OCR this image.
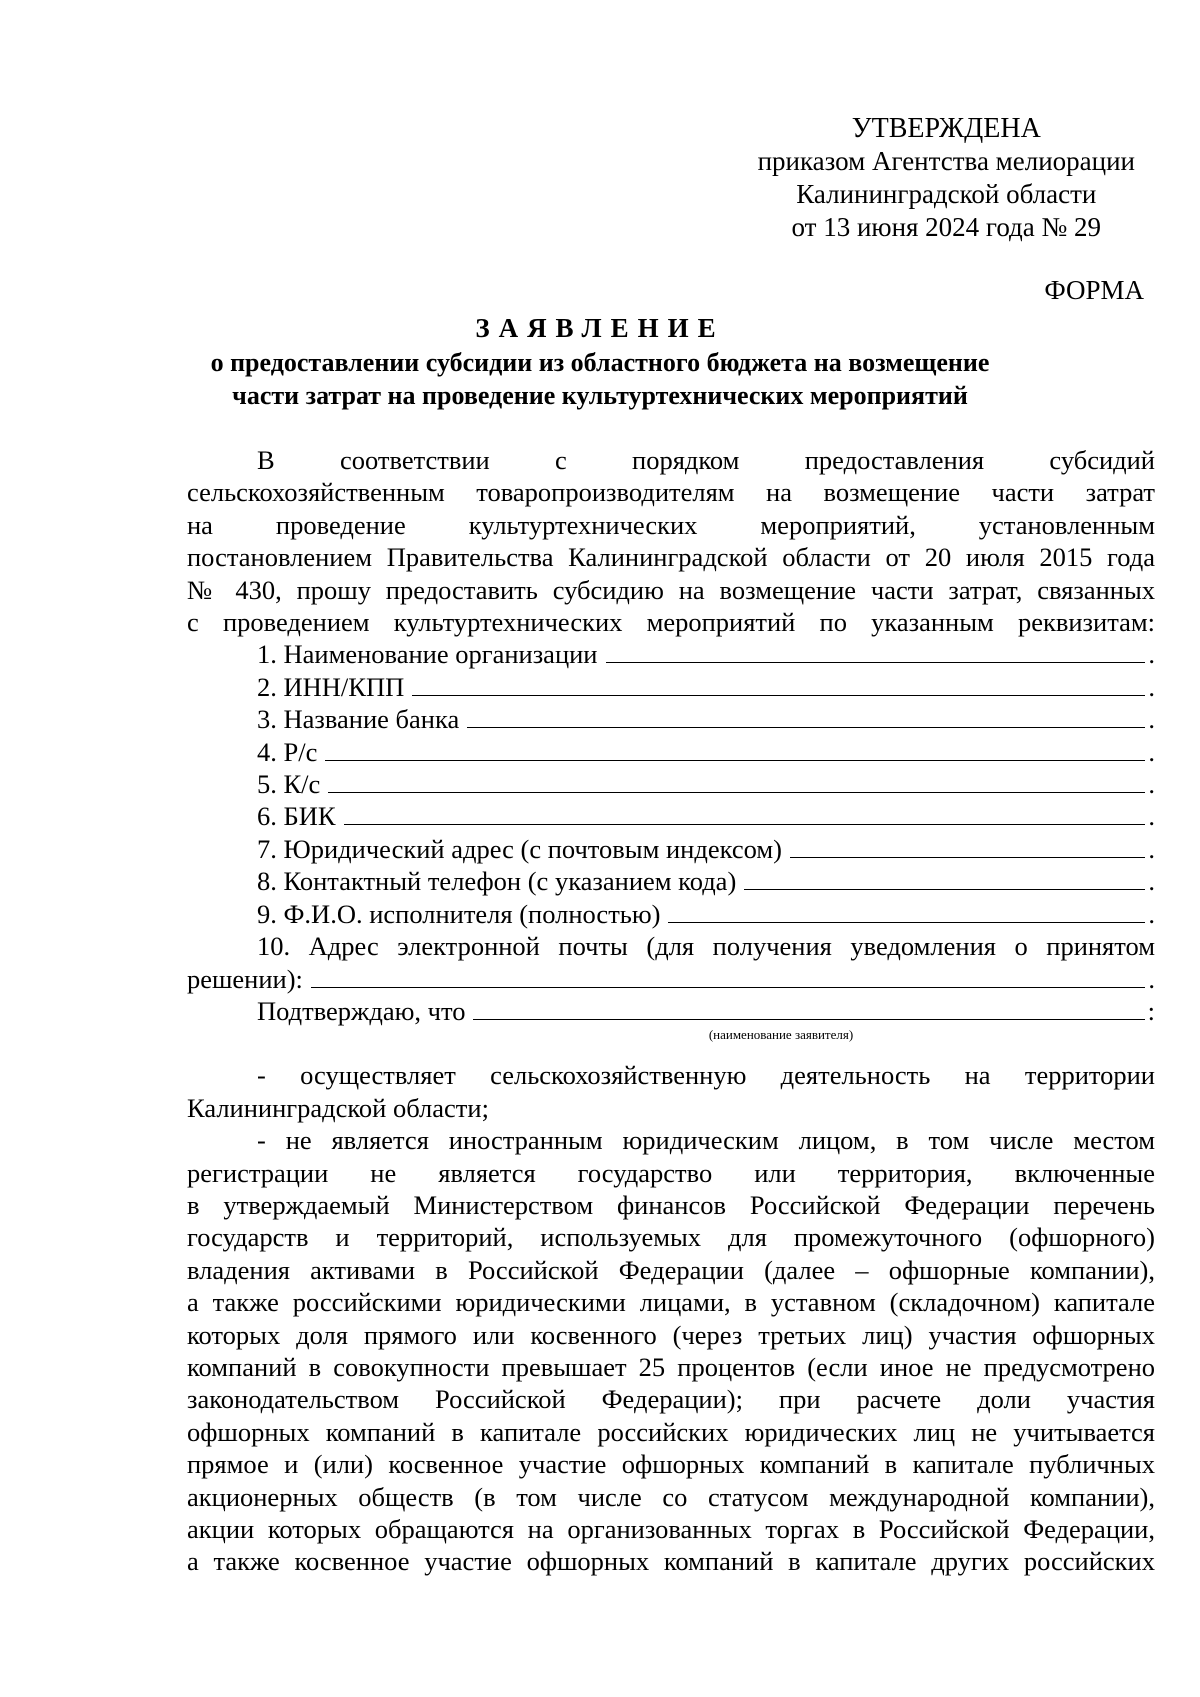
УТВЕРЖДЕНА
приказом Агентства мелиорации
Калининградской области
от 13 июня 2024 года № 29
ФОРМА
ЗАЯВЛЕНИЕ
о предоставлении субсидии из областного бюджета на возмещение
части затрат на проведение культуртехнических мероприятий
В соответствии с порядком предоставления субсидий
сельскохозяйственным товаропроизводителям на возмещение части затрат
на проведение культуртехнических мероприятий, установленным
постановлением Правительства Калининградской области от 20 июля 2015 года
№ 430, прошу предоставить субсидию на возмещение части затрат, связанных
с проведением культуртехнических мероприятий по указанным реквизитам:
1. Наименование организации	.
2. ИНН/КПП	.
3. Название банка	.
4. Р/с	.
5. К/с	.
6. БИК	.
7. Юридический адрес (с почтовым индексом)	.
8. Контактный телефон (с указанием кода)	.
9. Ф.И.О. исполнителя (полностью)	.
10. Адрес электронной почты (для получения уведомления о принятом
решении):	.
Подтверждаю, что	:
(наименование заявителя)
- осуществляет сельскохозяйственную деятельность на территории
Калининградской области;
- не является иностранным юридическим лицом, в том числе местом
регистрации не является государство или территория, включенные
в утверждаемый Министерством финансов Российской Федерации перечень
государств и территорий, используемых для промежуточного (офшорного)
владения активами в Российской Федерации (далее – офшорные компании),
а также российскими юридическими лицами, в уставном (складочном) капитале
которых доля прямого или косвенного (через третьих лиц) участия офшорных
компаний в совокупности превышает 25 процентов (если иное не предусмотрено
законодательством Российской Федерации); при расчете доли участия
офшорных компаний в капитале российских юридических лиц не учитывается
прямое и (или) косвенное участие офшорных компаний в капитале публичных
акционерных обществ (в том числе со статусом международной компании),
акции которых обращаются на организованных торгах в Российской Федерации,
а также косвенное участие офшорных компаний в капитале других российских
